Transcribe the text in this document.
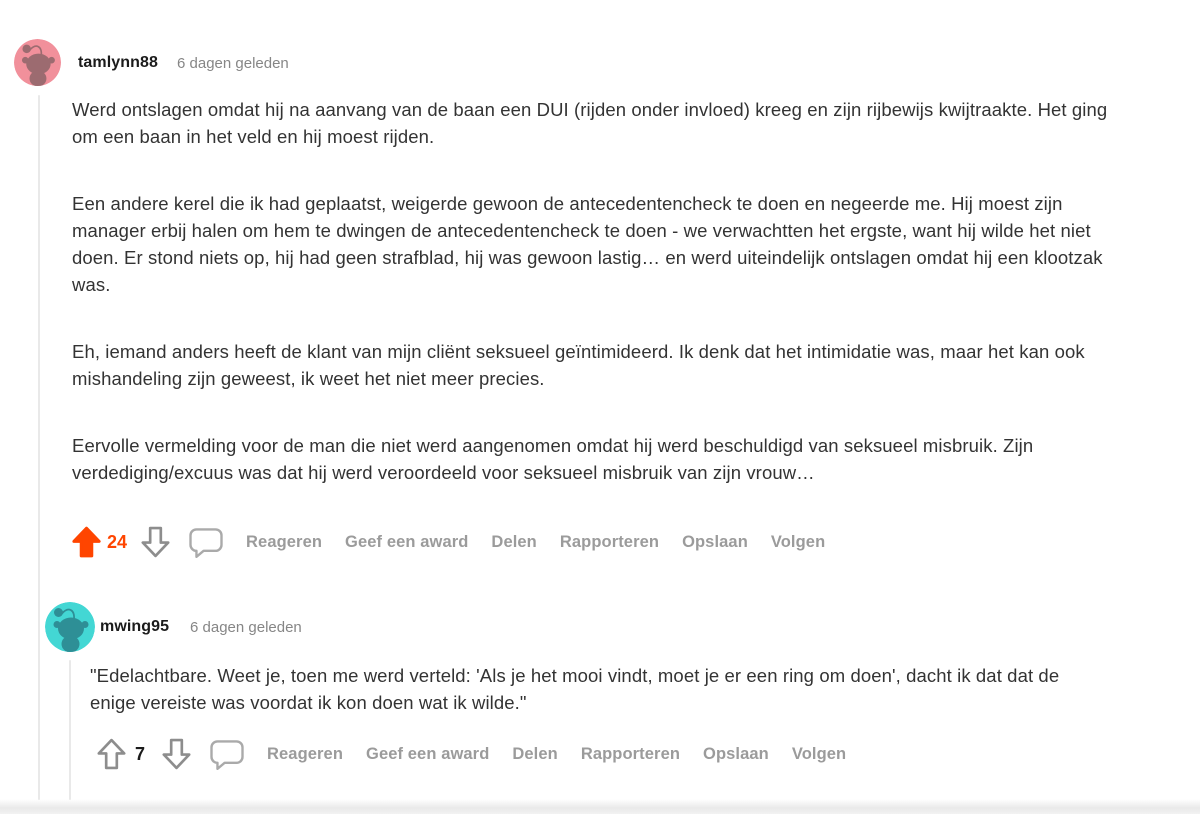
tamlynn88 6 dagen geleden

Werd ontslagen omdat hij na aanvang van de baan een DUI (rijden onder invloed) kreeg en zijn rijbewijs kwijtraakte. Het ging om een baan in het veld en hij moest rijden.

Een andere kerel die ik had geplaatst, weigerde gewoon de antecedentencheck te doen en negeerde me. Hij moest zijn manager erbij halen om hem te dwingen de antecedentencheck te doen - we verwachtten het ergste, want hij wilde het niet doen. Er stond niets op, hij had geen strafblad, hij was gewoon lastig… en werd uiteindelijk ontslagen omdat hij een klootzak was.

Eh, iemand anders heeft de klant van mijn cliënt seksueel geïntimideerd. Ik denk dat het intimidatie was, maar het kan ook mishandeling zijn geweest, ik weet het niet meer precies.

Eervolle vermelding voor de man die niet werd aangenomen omdat hij werd beschuldigd van seksueel misbruik. Zijn verdediging/excuus was dat hij werd veroordeeld voor seksueel misbruik van zijn vrouw…

24	Reageren Geef een award Delen Rapporteren Opslaan Volgen
mwing95 6 dagen geleden

"Edelachtbare. Weet je, toen me werd verteld: 'Als je het mooi vindt, moet je er een ring om doen', dacht ik dat dat de enige vereiste was voordat ik kon doen wat ik wilde."

7	Reageren Geef een award Delen Rapporteren Opslaan Volgen
